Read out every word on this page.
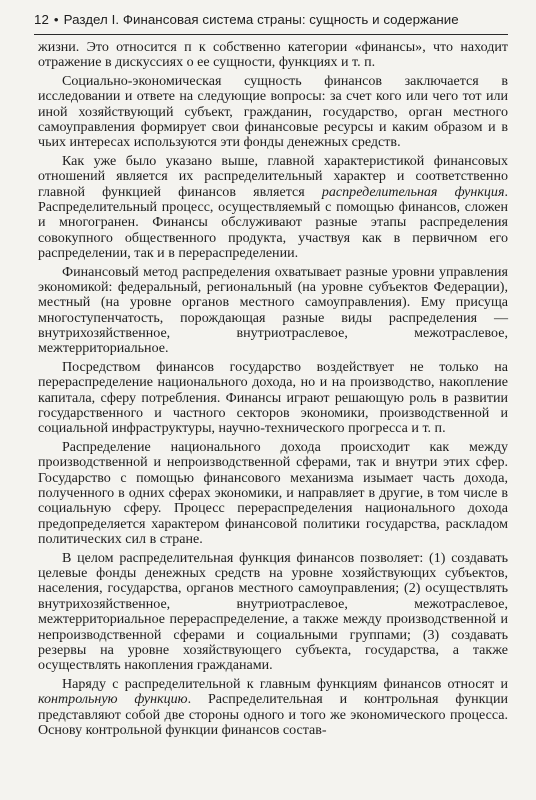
12 • Раздел I. Финансовая система страны: сущность и содержание

жизни. Это относится п к собственно категории «финансы», что находит отражение в дискуссиях о ее сущности, функциях и т. п.

Социально-экономическая сущность финансов заключается в исследовании и ответе на следующие вопросы: за счет кого или чего тот или иной хозяйствующий субъект, гражданин, государство, орган местного самоуправления формирует свои финансовые ресурсы и каким образом и в чьих интересах используются эти фонды денежных средств.

Как уже было указано выше, главной характеристикой финансовых отношений является их распределительный характер и соответственно главной функцией финансов является распределительная функция. Распределительный процесс, осуществляемый с помощью финансов, сложен и многогранен. Финансы обслуживают разные этапы распределения совокупного общественного продукта, участвуя как в первичном его распределении, так и в перераспределении.

Финансовый метод распределения охватывает разные уровни управления экономикой: федеральный, региональный (на уровне субъектов Федерации), местный (на уровне органов местного самоуправления). Ему присуща многоступенчатость, порождающая разные виды распределения — внутрихозяйственное, внутриотраслевое, межотраслевое, межтерриториальное.

Посредством финансов государство воздействует не только на перераспределение национального дохода, но и на производство, накопление капитала, сферу потребления. Финансы играют решающую роль в развитии государственного и частного секторов экономики, производственной и социальной инфраструктуры, научно-технического прогресса и т. п.

Распределение национального дохода происходит как между производственной и непроизводственной сферами, так и внутри этих сфер. Государство с помощью финансового механизма изымает часть дохода, полученного в одних сферах экономики, и направляет в другие, в том числе в социальную сферу. Процесс перераспределения национального дохода предопределяется характером финансовой политики государства, раскладом политических сил в стране.

В целом распределительная функция финансов позволяет: (1) создавать целевые фонды денежных средств на уровне хозяйствующих субъектов, населения, государства, органов местного самоуправления; (2) осуществлять внутрихозяйственное, внутриотраслевое, межотраслевое, межтерриториальное перераспределение, а также между производственной и непроизводственной сферами и социальными группами; (3) создавать резервы на уровне хозяйствующего субъекта, государства, а также осуществлять накопления гражданами.

Наряду с распределительной к главным функциям финансов относят и контрольную функцию. Распределительная и контрольная функции представляют собой две стороны одного и того же экономического процесса. Основу контрольной функции финансов состав-
